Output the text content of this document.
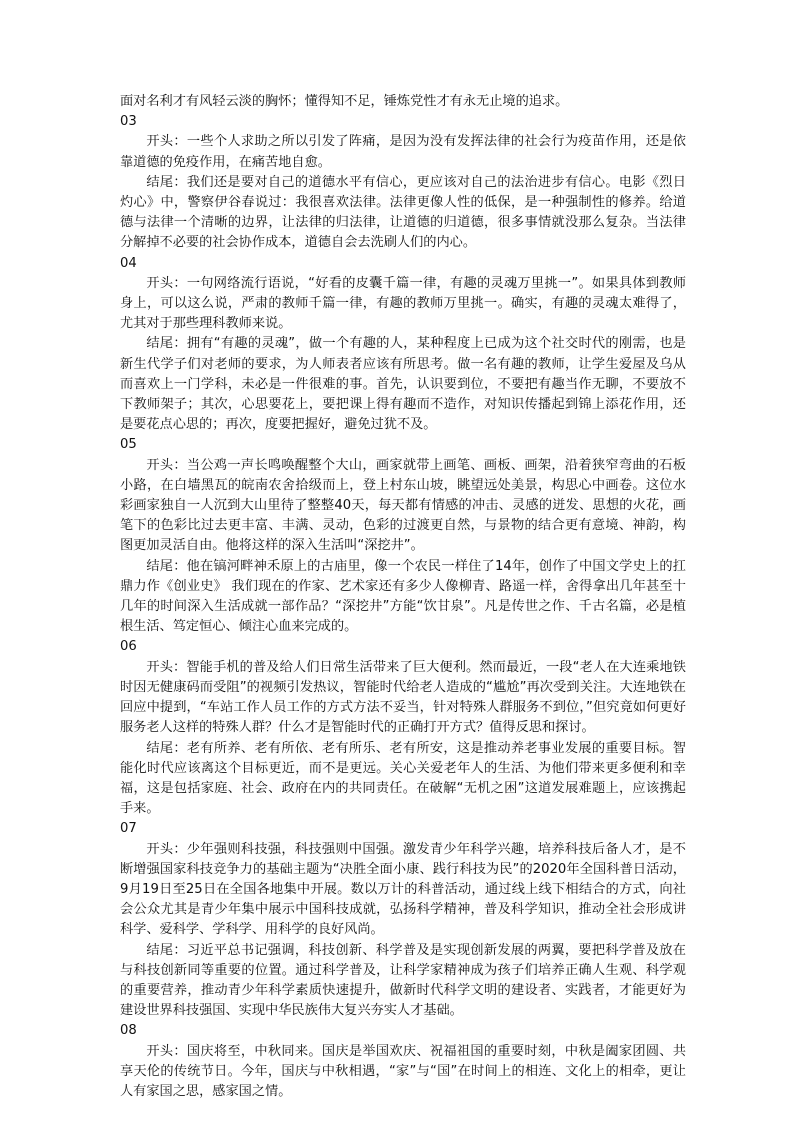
面对名利才有风轻云淡的胸怀；懂得知不足，锤炼党性才有永无止境的追求。

03

开头：一些个人求助之所以引发了阵痛，是因为没有发挥法律的社会行为疫苗作用，还是依靠道德的免疫作用，在痛苦地自愈。

结尾：我们还是要对自己的道德水平有信心，更应该对自己的法治进步有信心。电影《烈日灼心》中，警察伊谷春说过：我很喜欢法律。法律更像人性的低保，是一种强制性的修养。给道德与法律一个清晰的边界，让法律的归法律，让道德的归道德，很多事情就没那么复杂。当法律分解掉不必要的社会协作成本，道德自会去洗刷人们的内心。

04

开头：一句网络流行语说，“好看的皮囊千篇一律，有趣的灵魂万里挑一”。如果具体到教师身上，可以这么说，严肃的教师千篇一律，有趣的教师万里挑一。确实，有趣的灵魂太难得了，尤其对于那些理科教师来说。

结尾：拥有“有趣的灵魂”，做一个有趣的人，某种程度上已成为这个社交时代的刚需，也是新生代学子们对老师的要求，为人师表者应该有所思考。做一名有趣的教师，让学生爱屋及乌从而喜欢上一门学科，未必是一件很难的事。首先，认识要到位，不要把有趣当作无聊，不要放不下教师架子；其次，心思要花上，要把课上得有趣而不造作，对知识传播起到锦上添花作用，还是要花点心思的；再次，度要把握好，避免过犹不及。

05

开头：当公鸡一声长鸣唤醒整个大山，画家就带上画笔、画板、画架，沿着狭窄弯曲的石板小路，在白墙黑瓦的皖南农舍拾级而上，登上村东山坡，眺望远处美景，构思心中画卷。这位水彩画家独自一人沉到大山里待了整整40天，每天都有情感的冲击、灵感的迸发、思想的火花，画笔下的色彩比过去更丰富、丰满、灵动，色彩的过渡更自然，与景物的结合更有意境、神韵，构图更加灵活自由。他将这样的深入生活叫“深挖井”。

结尾：他在镐河畔神禾原上的古庙里，像一个农民一样住了14年，创作了中国文学史上的扛鼎力作《创业史》 我们现在的作家、艺术家还有多少人像柳青、路遥一样，舍得拿出几年甚至十几年的时间深入生活成就一部作品？“深挖井”方能“饮甘泉”。凡是传世之作、千古名篇，必是植根生活、笃定恒心、倾注心血来完成的。

06

开头：智能手机的普及给人们日常生活带来了巨大便利。然而最近，一段“老人在大连乘地铁时因无健康码而受阻”的视频引发热议，智能时代给老人造成的“尴尬”再次受到关注。大连地铁在回应中提到，“车站工作人员工作的方式方法不妥当，针对特殊人群服务不到位，”但究竟如何更好服务老人这样的特殊人群？什么才是智能时代的正确打开方式？值得反思和探讨。

结尾：老有所养、老有所依、老有所乐、老有所安，这是推动养老事业发展的重要目标。智能化时代应该离这个目标更近，而不是更远。关心关爱老年人的生活、为他们带来更多便利和幸福，这是包括家庭、社会、政府在内的共同责任。在破解“无机之困”这道发展难题上，应该携起手来。

07

开头：少年强则科技强，科技强则中国强。激发青少年科学兴趣，培养科技后备人才，是不断增强国家科技竞争力的基础主题为“决胜全面小康、践行科技为民”的2020年全国科普日活动，9月19日至25日在全国各地集中开展。数以万计的科普活动，通过线上线下相结合的方式，向社会公众尤其是青少年集中展示中国科技成就，弘扬科学精神，普及科学知识，推动全社会形成讲科学、爱科学、学科学、用科学的良好风尚。

结尾：习近平总书记强调，科技创新、科学普及是实现创新发展的两翼，要把科学普及放在与科技创新同等重要的位置。通过科学普及，让科学家精神成为孩子们培养正确人生观、科学观的重要营养，推动青少年科学素质快速提升，做新时代科学文明的建设者、实践者，才能更好为建设世界科技强国、实现中华民族伟大复兴夯实人才基础。

08

开头：国庆将至，中秋同来。国庆是举国欢庆、祝福祖国的重要时刻，中秋是阖家团圆、共享天伦的传统节日。今年，国庆与中秋相遇，“家”与“国”在时间上的相连、文化上的相牵，更让人有家国之思，感家国之情。
